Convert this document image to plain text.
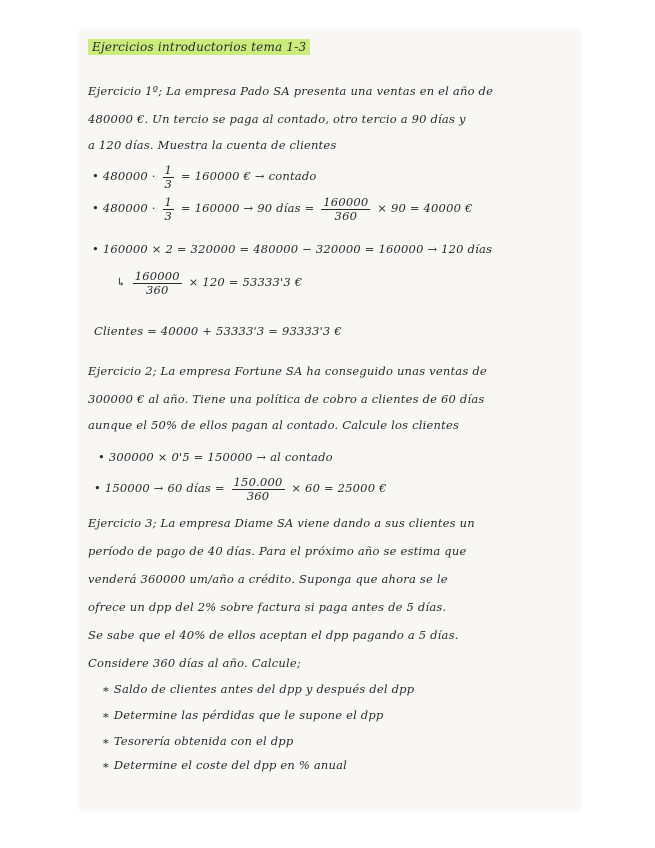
Ejercicios introductorios tema 1-3
Ejercicio 1º; La empresa Pado SA presenta una ventas en el año de
480000 €. Un tercio se paga al contado, otro tercio a 90 días y
a 120 días. Muestra la cuenta de clientes
• $480000 \cdot \frac{1}{3} = 160000$ € → contado
• $480000 \cdot \frac{1}{3} = 160000 \to 90$ días = $\frac{160000}{360} \times 90 = 40000$ €
• 160000 × 2 = 320000 = 480000 − 320000 = 160000 → 120 días
↳ $\frac{160000}{360} \times 120 = 53333'3$ €
Clientes = 40000 + 53333'3 = 93333'3 €
Ejercicio 2; La empresa Fortune SA ha conseguido unas ventas de
300000 € al año. Tiene una política de cobro a clientes de 60 días
aunque el 50% de ellos pagan al contado. Calcule los clientes
• 300000 × 0'5 = 150000 → al contado
• 150000 → 60 días = $\frac{150.000}{360} \times 60 = 25000$ €
Ejercicio 3; La empresa Diame SA viene dando a sus clientes un
período de pago de 40 días. Para el próximo año se estima que
venderá 360000 um/año a crédito. Suponga que ahora se le
ofrece un dpp del 2% sobre factura si paga antes de 5 días.
Se sabe que el 40% de ellos aceptan el dpp pagando a 5 días.
Considere 360 días al año. Calcule;
∗ Saldo de clientes antes del dpp y después del dpp
∗ Determine las pérdidas que le supone el dpp
∗ Tesorería obtenida con el dpp
∗ Determine el coste del dpp en % anual
